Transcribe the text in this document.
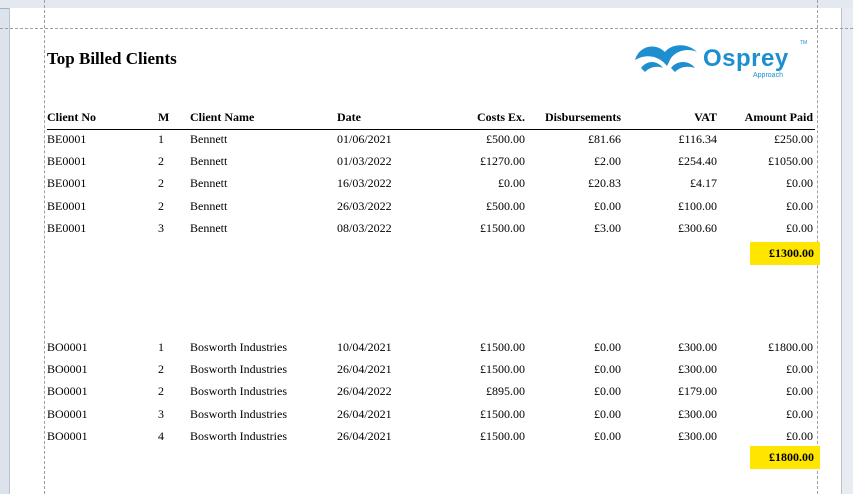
Top Billed Clients	Osprey
Approach
TM
Client No	M Client Name	Date	Costs Ex.	Disbursements	VAT	Amount Paid
BE0001	1 Bennett	01/06/2021	£500.00	£81.66	£116.34	£250.00
BE0001	2 Bennett	01/03/2022	£1270.00	£2.00	£254.40	£1050.00
BE0001	2 Bennett	16/03/2022	£0.00	£20.83	£4.17	£0.00
BE0001	2 Bennett	26/03/2022	£500.00	£0.00	£100.00	£0.00
BE0001	3 Bennett	08/03/2022	£1500.00	£3.00	£300.60	£0.00
£1300.00
BO0001	1 Bosworth Industries	10/04/2021	£1500.00	£0.00	£300.00	£1800.00
BO0001	2 Bosworth Industries	26/04/2021	£1500.00	£0.00	£300.00	£0.00
BO0001	2 Bosworth Industries	26/04/2022	£895.00	£0.00	£179.00	£0.00
BO0001	3 Bosworth Industries	26/04/2021	£1500.00	£0.00	£300.00	£0.00
BO0001	4 Bosworth Industries	26/04/2021	£1500.00	£0.00	£300.00	£0.00
£1800.00
